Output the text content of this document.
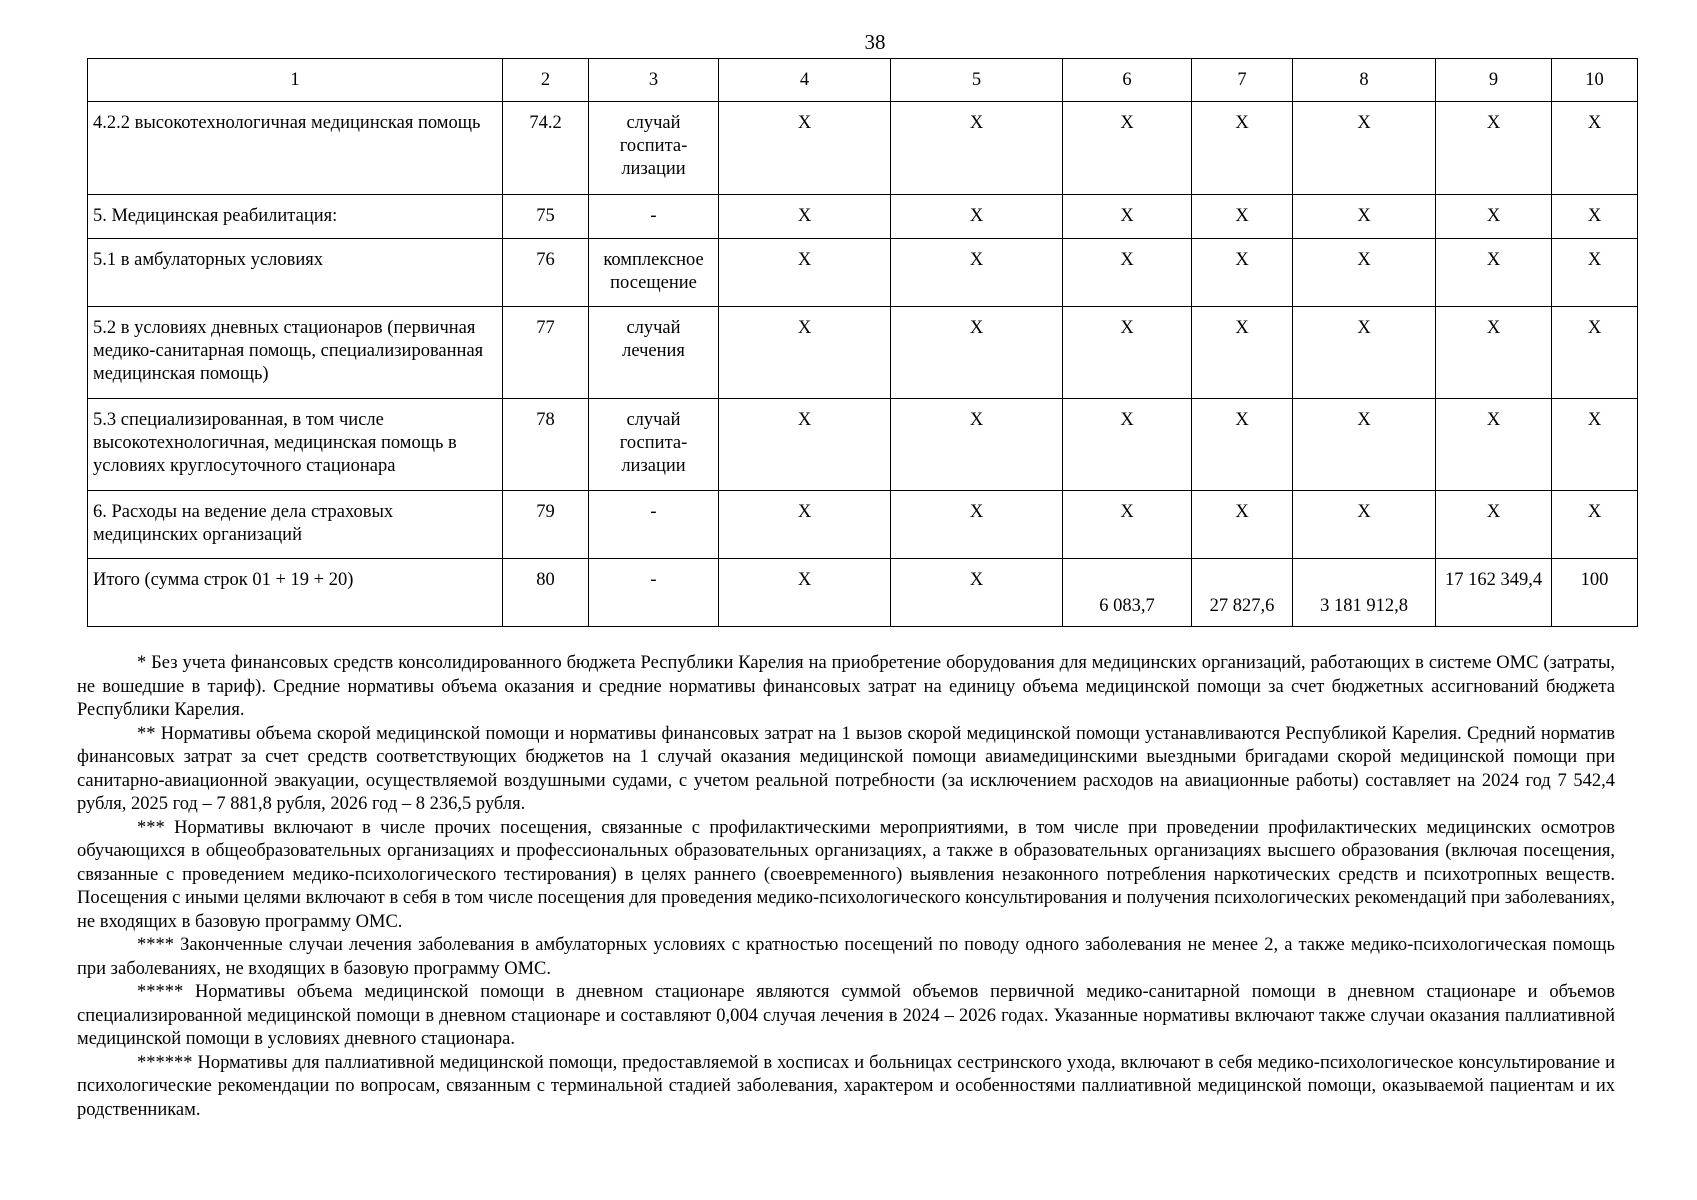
38
1	2	3	4	5	6	7	8	9	10
4.2.2 высокотехнологичная медицинская помощь	74.2	случай госпита-лизации	Х	Х	Х	Х	Х	Х	Х
5. Медицинская реабилитация:	75	-	Х	Х	Х	Х	Х	Х	Х
5.1 в амбулаторных условиях	76	комплексное посещение	Х	Х	Х	Х	Х	Х	Х
5.2 в условиях дневных стационаров (первичная медико-санитарная помощь, специализированная медицинская помощь)	77	случай лечения	Х	Х	Х	Х	Х	Х	Х
5.3 специализированная, в том числе высокотехнологичная, медицинская помощь в условиях круглосуточного стационара	78	случай госпита-лизации	Х	Х	Х	Х	Х	Х	Х
6. Расходы на ведение дела страховых медицинских организаций	79	-	Х	Х	Х	Х	Х	Х	Х
Итого (сумма строк 01 + 19 + 20)	80	-	Х	Х	6 083,7	27 827,6	3 181 912,8	17 162 349,4	100

* Без учета финансовых средств консолидированного бюджета Республики Карелия на приобретение оборудования для медицинских организаций, работающих в системе ОМС (затраты, не вошедшие в тариф). Средние нормативы объема оказания и средние нормативы финансовых затрат на единицу объема медицинской помощи за счет бюджетных ассигнований бюджета Республики Карелия.

** Нормативы объема скорой медицинской помощи и нормативы финансовых затрат на 1 вызов скорой медицинской помощи устанавливаются Республикой Карелия. Средний норматив финансовых затрат за счет средств соответствующих бюджетов на 1 случай оказания медицинской помощи авиамедицинскими выездными бригадами скорой медицинской помощи при санитарно-авиационной эвакуации, осуществляемой воздушными судами, с учетом реальной потребности (за исключением расходов на авиационные работы) составляет на 2024 год 7 542,4 рубля, 2025 год – 7 881,8 рубля, 2026 год – 8 236,5 рубля.

*** Нормативы включают в числе прочих посещения, связанные с профилактическими мероприятиями, в том числе при проведении профилактических медицинских осмотров обучающихся в общеобразовательных организациях и профессиональных образовательных организациях, а также в образовательных организациях высшего образования (включая посещения, связанные с проведением медико-психологического тестирования) в целях раннего (своевременного) выявления незаконного потребления наркотических средств и психотропных веществ. Посещения с иными целями включают в себя в том числе посещения для проведения медико-психологического консультирования и получения психологических рекомендаций при заболеваниях, не входящих в базовую программу ОМС.

**** Законченные случаи лечения заболевания в амбулаторных условиях с кратностью посещений по поводу одного заболевания не менее 2, а также медико-психологическая помощь при заболеваниях, не входящих в базовую программу ОМС.

***** Нормативы объема медицинской помощи в дневном стационаре являются суммой объемов первичной медико-санитарной помощи в дневном стационаре и объемов специализированной медицинской помощи в дневном стационаре и составляют 0,004 случая лечения в 2024 – 2026 годах. Указанные нормативы включают также случаи оказания паллиативной медицинской помощи в условиях дневного стационара.

****** Нормативы для паллиативной медицинской помощи, предоставляемой в хосписах и больницах сестринского ухода, включают в себя медико-психологическое консультирование и психологические рекомендации по вопросам, связанным с терминальной стадией заболевания, характером и особенностями паллиативной медицинской помощи, оказываемой пациентам и их родственникам.
